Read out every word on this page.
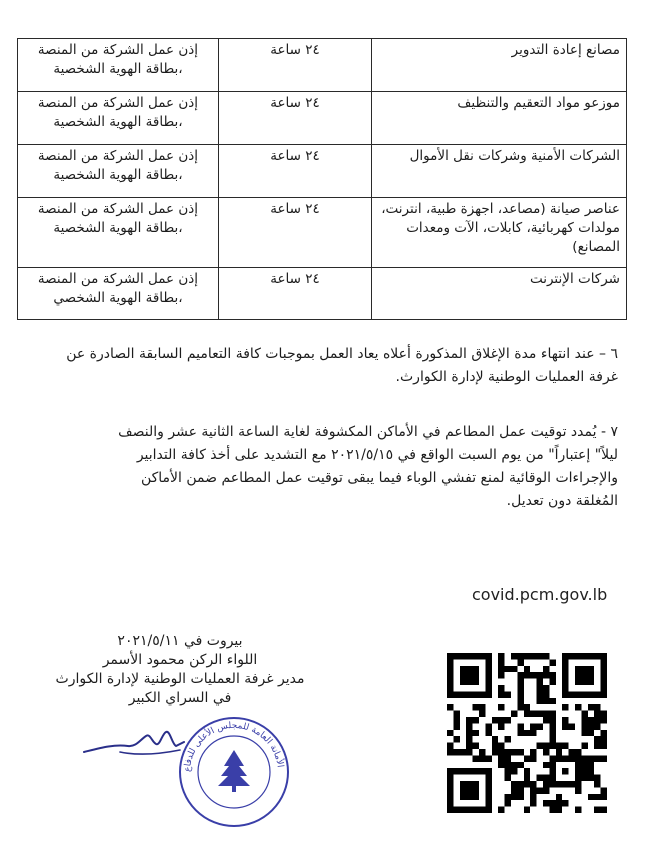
مصانع إعادة التدوير	٢٤ ساعة	إذن عمل الشركة من المنصة ،بطاقة الهوية الشخصية
موزعو مواد التعقيم والتنظيف	٢٤ ساعة	إذن عمل الشركة من المنصة ،بطاقة الهوية الشخصية
الشركات الأمنية وشركات نقل الأموال	٢٤ ساعة	إذن عمل الشركة من المنصة ،بطاقة الهوية الشخصية
عناصر صيانة (مصاعد، اجهزة طبية، انترنت، مولدات كهربائية، كابلات، الآت ومعدات المصانع)	٢٤ ساعة	إذن عمل الشركة من المنصة ،بطاقة الهوية الشخصية
شركات الإنترنت	٢٤ ساعة	إذن عمل الشركة من المنصة ،بطاقة الهوية الشخصي
٦ – عند انتهاء مدة الإغلاق المذكورة أعلاه يعاد العمل بموجبات كافة التعاميم السابقة الصادرة عن غرفة العمليات الوطنية لإدارة الكوارث.
٧ - يُمدد توقيت عمل المطاعم في الأماكن المكشوفة لغاية الساعة الثانية عشر والنصف
ليلاً" إعتباراً" من يوم السبت الواقع في ٢٠٢١/٥/١٥ مع التشديد على أخذ كافة التدابير
والإجراءات الوقائية لمنع تفشي الوباء فيما يبقى توقيت عمل المطاعم ضمن الأماكن
المُغلقة دون تعديل.
covid.pcm.gov.lb
بيروت في ٢٠٢١/٥/١١
اللواء الركن محمود الأسمر
مدير غرفة العمليات الوطنية لإدارة الكوارث
في السراي الكبير
الأمانة العامة للمجلس الأعلى للدفاع
